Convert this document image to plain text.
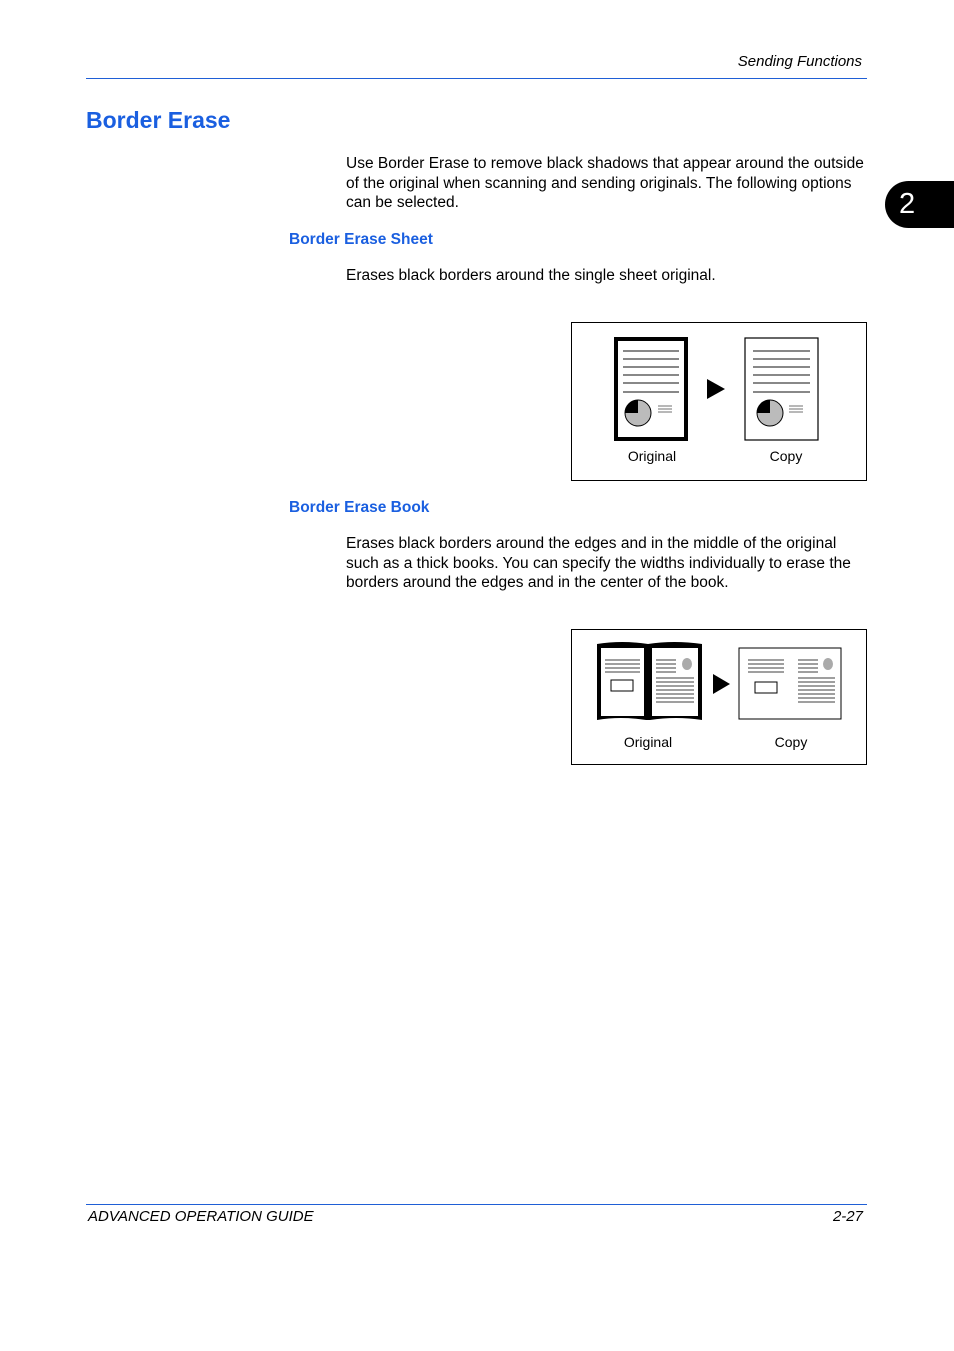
Sending Functions
2
Border Erase
Use Border Erase to remove black shadows that appear around the outside of the original when scanning and sending originals. The following options can be selected.
Border Erase Sheet
Erases black borders around the single sheet original.
Original	Copy
Border Erase Book
Erases black borders around the edges and in the middle of the original such as a thick books. You can specify the widths individually to erase the borders around the edges and in the center of the book.
Original	Copy
ADVANCED OPERATION GUIDE	2-27
